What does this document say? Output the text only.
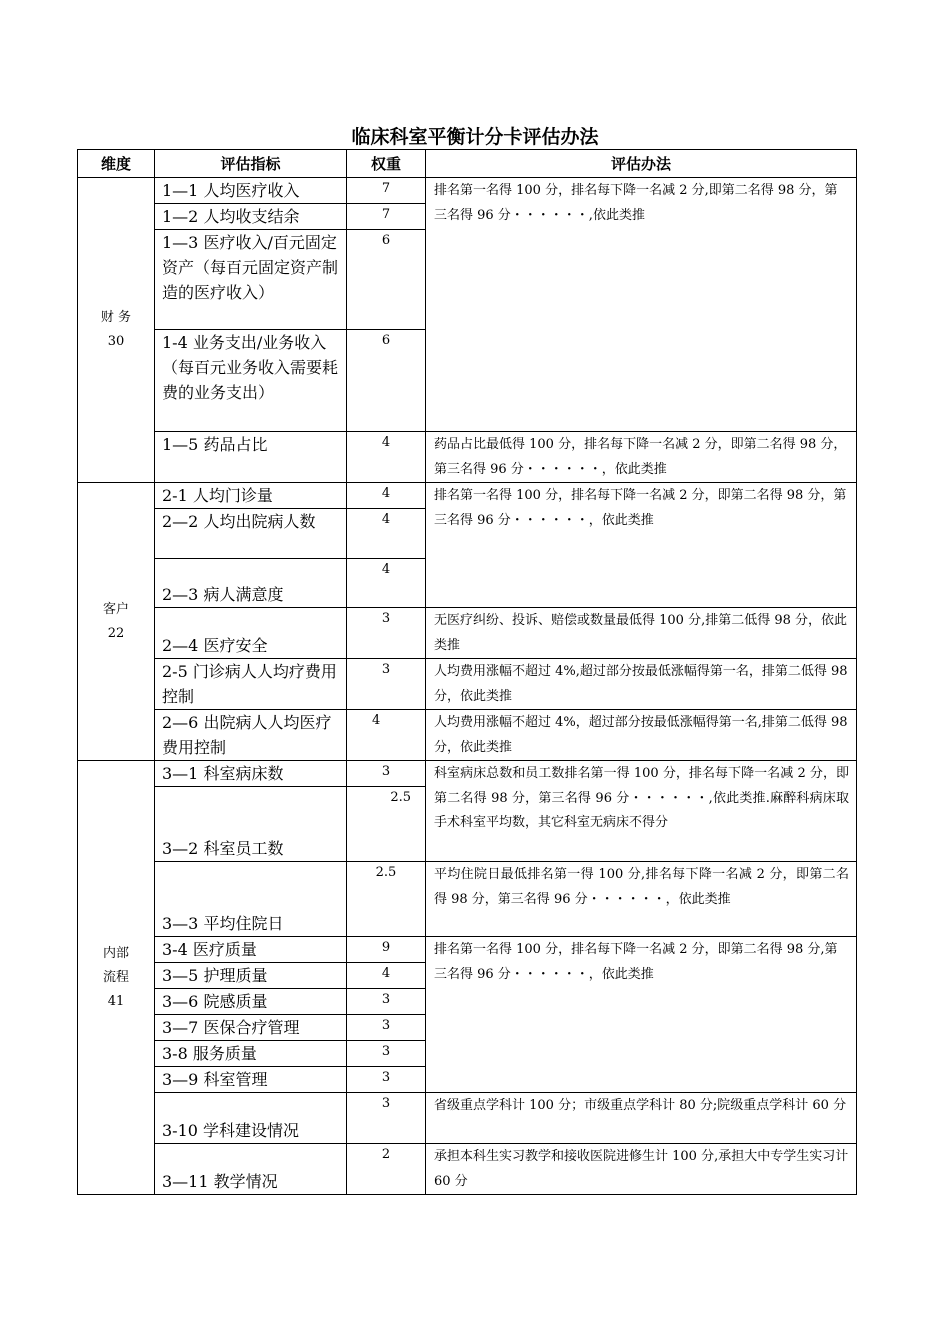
临床科室平衡计分卡评估办法
维度	评估指标	权重	评估办法

财 务
30	1—1 人均医疗收入	7	排名第一名得 100 分，排名每下降一名减 2 分,即第二名得 98 分，第三名得 96 分・・・・・・,依此类推
	1—2 人均收支结余	7	
	1—3 医疗收入/百元固定资产（每百元固定资产制造的医疗收入）	6	
	1-4 业务支出/业务收入（每百元业务收入需要耗费的业务支出）	6	
	1—5 药品占比	4	药品占比最低得 100 分，排名每下降一名减 2 分，即第二名得 98 分，第三名得 96 分・・・・・・，依此类推

客户
22	2-1 人均门诊量	4	排名第一名得 100 分，排名每下降一名减 2 分，即第二名得 98 分，第三名得 96 分・・・・・・，依此类推
	2—2 人均出院病人数	4	
	2—3 病人满意度	4	
	2—4 医疗安全	3	无医疗纠纷、投诉、赔偿或数量最低得 100 分,排第二低得 98 分，依此类推
	2-5 门诊病人人均疗费用控制	3	人均费用涨幅不超过 4%,超过部分按最低涨幅得第一名，排第二低得 98 分，依此类推
	2—6 出院病人人均医疗费用控制	4	人均费用涨幅不超过 4%，超过部分按最低涨幅得第一名,排第二低得 98 分，依此类推

内部
流程
41	3—1 科室病床数	3	科室病床总数和员工数排名第一得 100 分，排名每下降一名减 2 分，即第二名得 98 分，第三名得 96 分・・・・・・,依此类推.麻醉科病床取手术科室平均数，其它科室无病床不得分
	3—2 科室员工数	2.5	
	3—3 平均住院日	2.5	平均住院日最低排名第一得 100 分,排名每下降一名减 2 分，即第二名得 98 分，第三名得 96 分・・・・・・，依此类推
	3-4 医疗质量	9	排名第一名得 100 分，排名每下降一名减 2 分，即第二名得 98 分,第三名得 96 分・・・・・・，依此类推
	3—5 护理质量	4	
	3—6 院感质量	3	
	3—7 医保合疗管理	3	
	3-8 服务质量	3	
	3—9 科室管理	3	
	3-10 学科建设情况	3	省级重点学科计 100 分；市级重点学科计 80 分;院级重点学科计 60 分
	3—11 教学情况	2	承担本科生实习教学和接收医院进修生计 100 分,承担大中专学生实习计 60 分
